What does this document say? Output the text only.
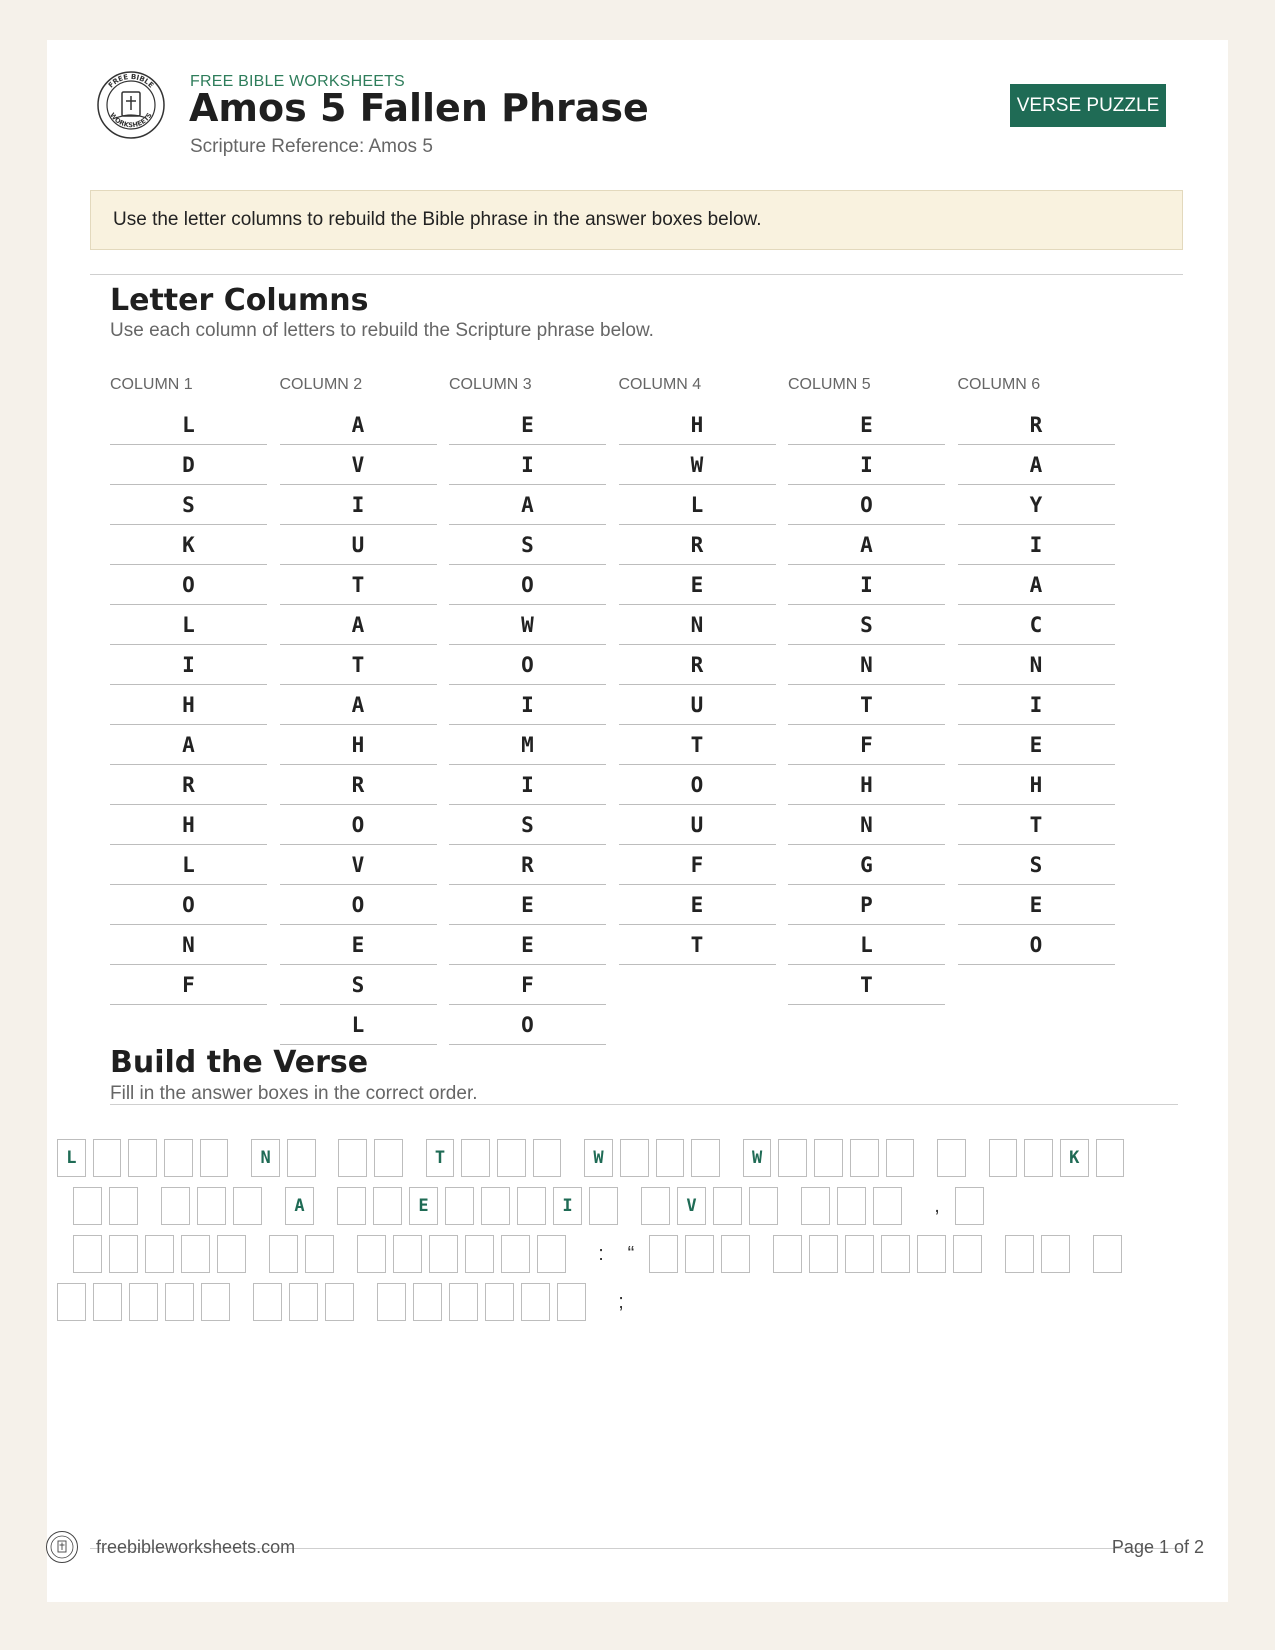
FREE BIBLE
WORKSHEETS
FREE BIBLE WORKSHEETS
Amos 5 Fallen Phrase
Scripture Reference: Amos 5
VERSE PUZZLE
Use the letter columns to rebuild the Bible phrase in the answer boxes below.
Letter Columns
Use each column of letters to rebuild the Scripture phrase below.
COLUMN 1
L
D
S
K
O
L
I
H
A
R
H
L
O
N
F
COLUMN 2
A
V
I
U
T
A
T
A
H
R
O
V
O
E
S
L
COLUMN 3
E
I
A
S
O
W
O
I
M
I
S
R
E
E
F
O
COLUMN 4
H
W
L
R
E
N
R
U
T
O
U
F
E
T
COLUMN 5
E
I
O
A
I
S
N
T
F
H
N
G
P
L
T
COLUMN 6
R
A
Y
I
A
C
N
I
E
H
T
S
E
O
Build the Verse
Fill in the answer boxes in the correct order.
L	N	T	W	W	K
A	E	I	V	,
:	“
;
freebibleworksheets.com	Page 1 of 2
